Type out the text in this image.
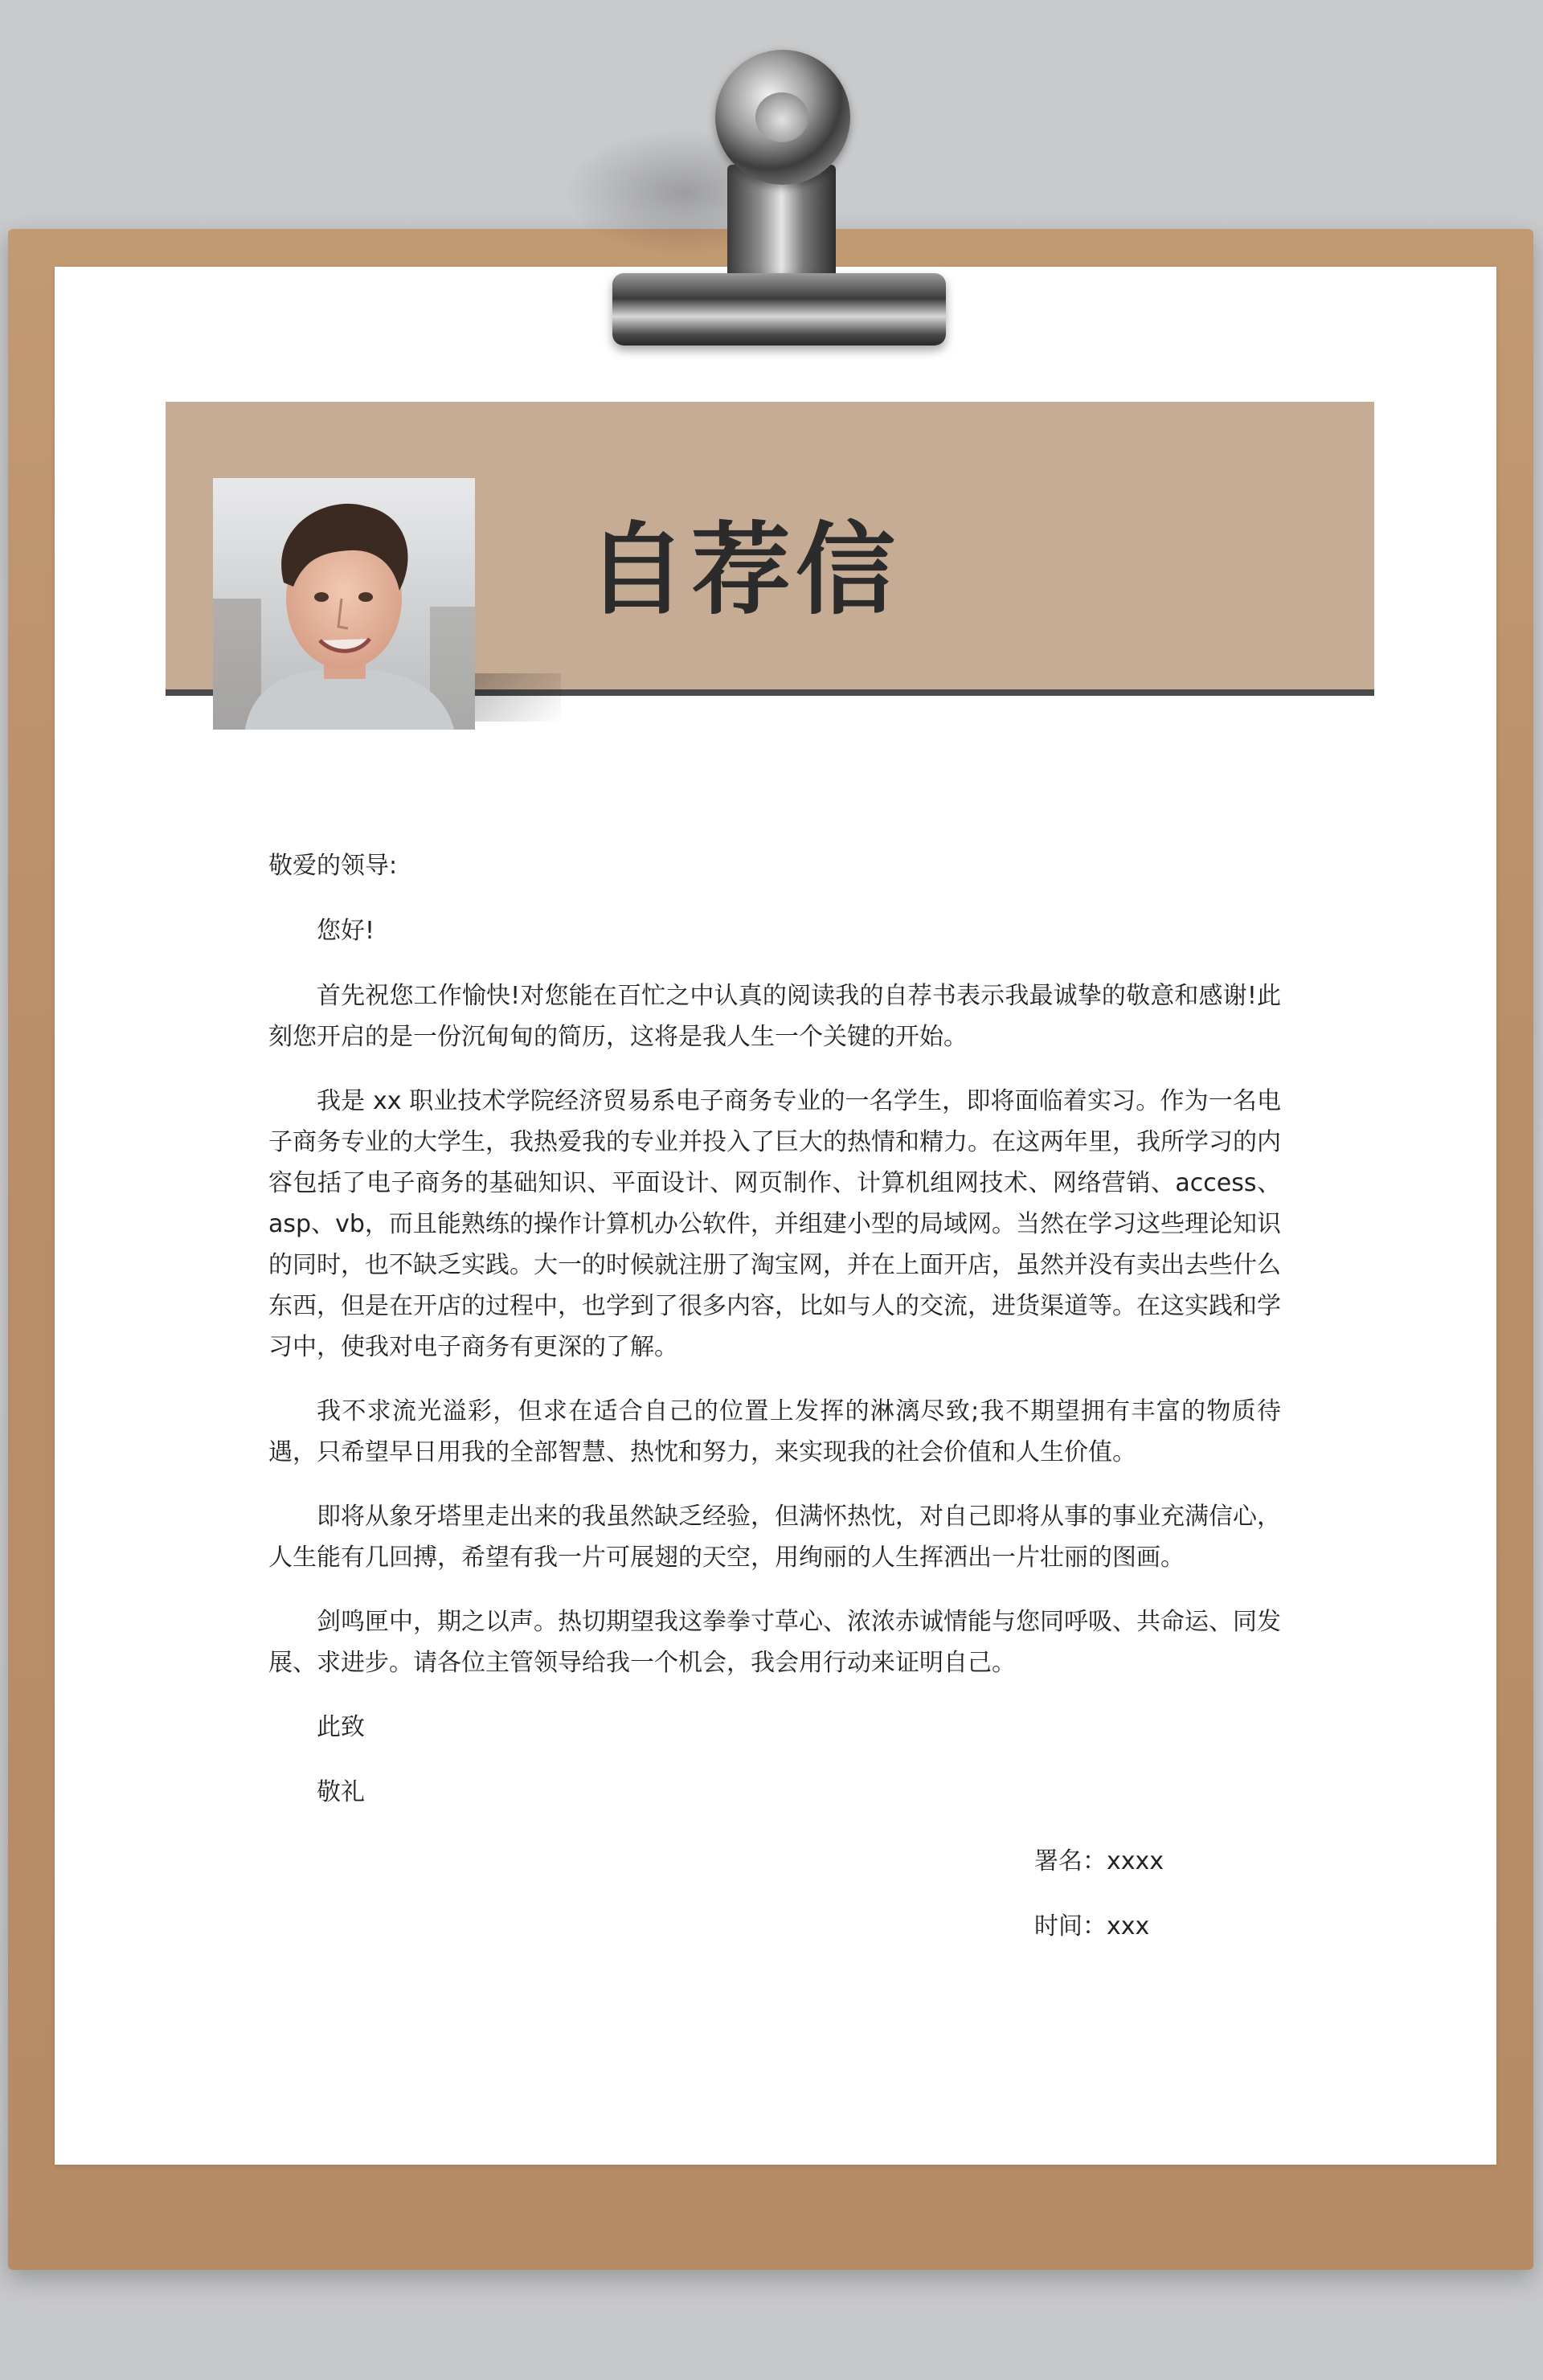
自荐信

敬爱的领导:

您好!

首先祝您工作愉快!对您能在百忙之中认真的阅读我的自荐书表示我最诚挚的敬意和感谢!此刻您开启的是一份沉甸甸的简历，这将是我人生一个关键的开始。

我是 xx 职业技术学院经济贸易系电子商务专业的一名学生，即将面临着实习。作为一名电子商务专业的大学生，我热爱我的专业并投入了巨大的热情和精力。在这两年里，我所学习的内容包括了电子商务的基础知识、平面设计、网页制作、计算机组网技术、网络营销、access、asp、vb，而且能熟练的操作计算机办公软件，并组建小型的局域网。当然在学习这些理论知识的同时，也不缺乏实践。大一的时候就注册了淘宝网，并在上面开店，虽然并没有卖出去些什么东西，但是在开店的过程中，也学到了很多内容，比如与人的交流，进货渠道等。在这实践和学习中，使我对电子商务有更深的了解。

我不求流光溢彩，但求在适合自己的位置上发挥的淋漓尽致;我不期望拥有丰富的物质待遇，只希望早日用我的全部智慧、热忱和努力，来实现我的社会价值和人生价值。

即将从象牙塔里走出来的我虽然缺乏经验，但满怀热忱，对自己即将从事的事业充满信心，人生能有几回搏，希望有我一片可展翅的天空，用绚丽的人生挥洒出一片壮丽的图画。

剑鸣匣中，期之以声。热切期望我这拳拳寸草心、浓浓赤诚情能与您同呼吸、共命运、同发展、求进步。请各位主管领导给我一个机会，我会用行动来证明自己。

此致

敬礼

署名：xxxx
时间：xxx
